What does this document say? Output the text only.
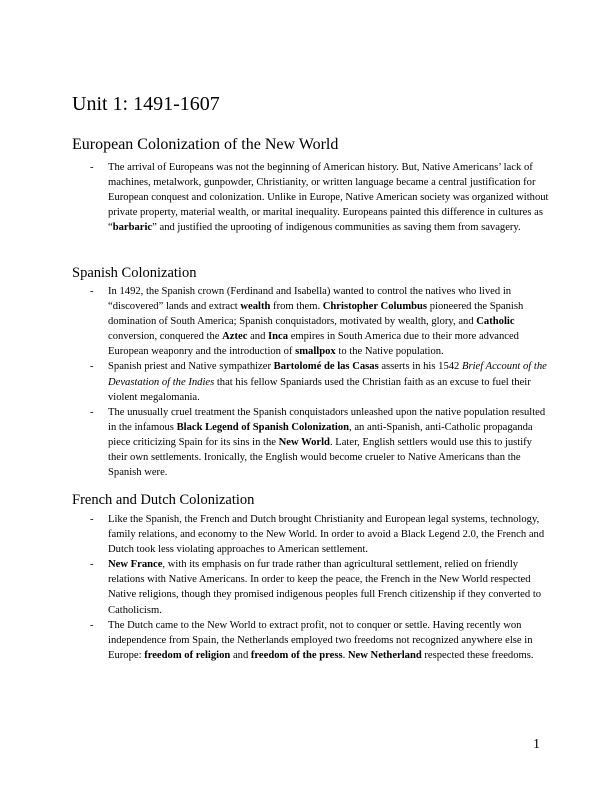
Unit 1: 1491-1607
European Colonization of the New World
- The arrival of Europeans was not the beginning of American history. But, Native Americans’ lack of machines, metalwork, gunpowder, Christianity, or written language became a central justification for European conquest and colonization. Unlike in Europe, Native American society was organized without private property, material wealth, or marital inequality. Europeans painted this difference in cultures as “barbaric” and justified the uprooting of indigenous communities as saving them from savagery.
Spanish Colonization
- In 1492, the Spanish crown (Ferdinand and Isabella) wanted to control the natives who lived in “discovered” lands and extract wealth from them. Christopher Columbus pioneered the Spanish domination of South America; Spanish conquistadors, motivated by wealth, glory, and Catholic conversion, conquered the Aztec and Inca empires in South America due to their more advanced European weaponry and the introduction of smallpox to the Native population.
- Spanish priest and Native sympathizer Bartolomé de las Casas asserts in his 1542 Brief Account of the Devastation of the Indies that his fellow Spaniards used the Christian faith as an excuse to fuel their violent megalomania.
- The unusually cruel treatment the Spanish conquistadors unleashed upon the native population resulted in the infamous Black Legend of Spanish Colonization, an anti-Spanish, anti-Catholic propaganda piece criticizing Spain for its sins in the New World. Later, English settlers would use this to justify their own settlements. Ironically, the English would become crueler to Native Americans than the Spanish were.
French and Dutch Colonization
- Like the Spanish, the French and Dutch brought Christianity and European legal systems, technology, family relations, and economy to the New World. In order to avoid a Black Legend 2.0, the French and Dutch took less violating approaches to American settlement.
- New France, with its emphasis on fur trade rather than agricultural settlement, relied on friendly relations with Native Americans. In order to keep the peace, the French in the New World respected Native religions, though they promised indigenous peoples full French citizenship if they converted to Catholicism.
- The Dutch came to the New World to extract profit, not to conquer or settle. Having recently won independence from Spain, the Netherlands employed two freedoms not recognized anywhere else in Europe: freedom of religion and freedom of the press. New Netherland respected these freedoms.
1
